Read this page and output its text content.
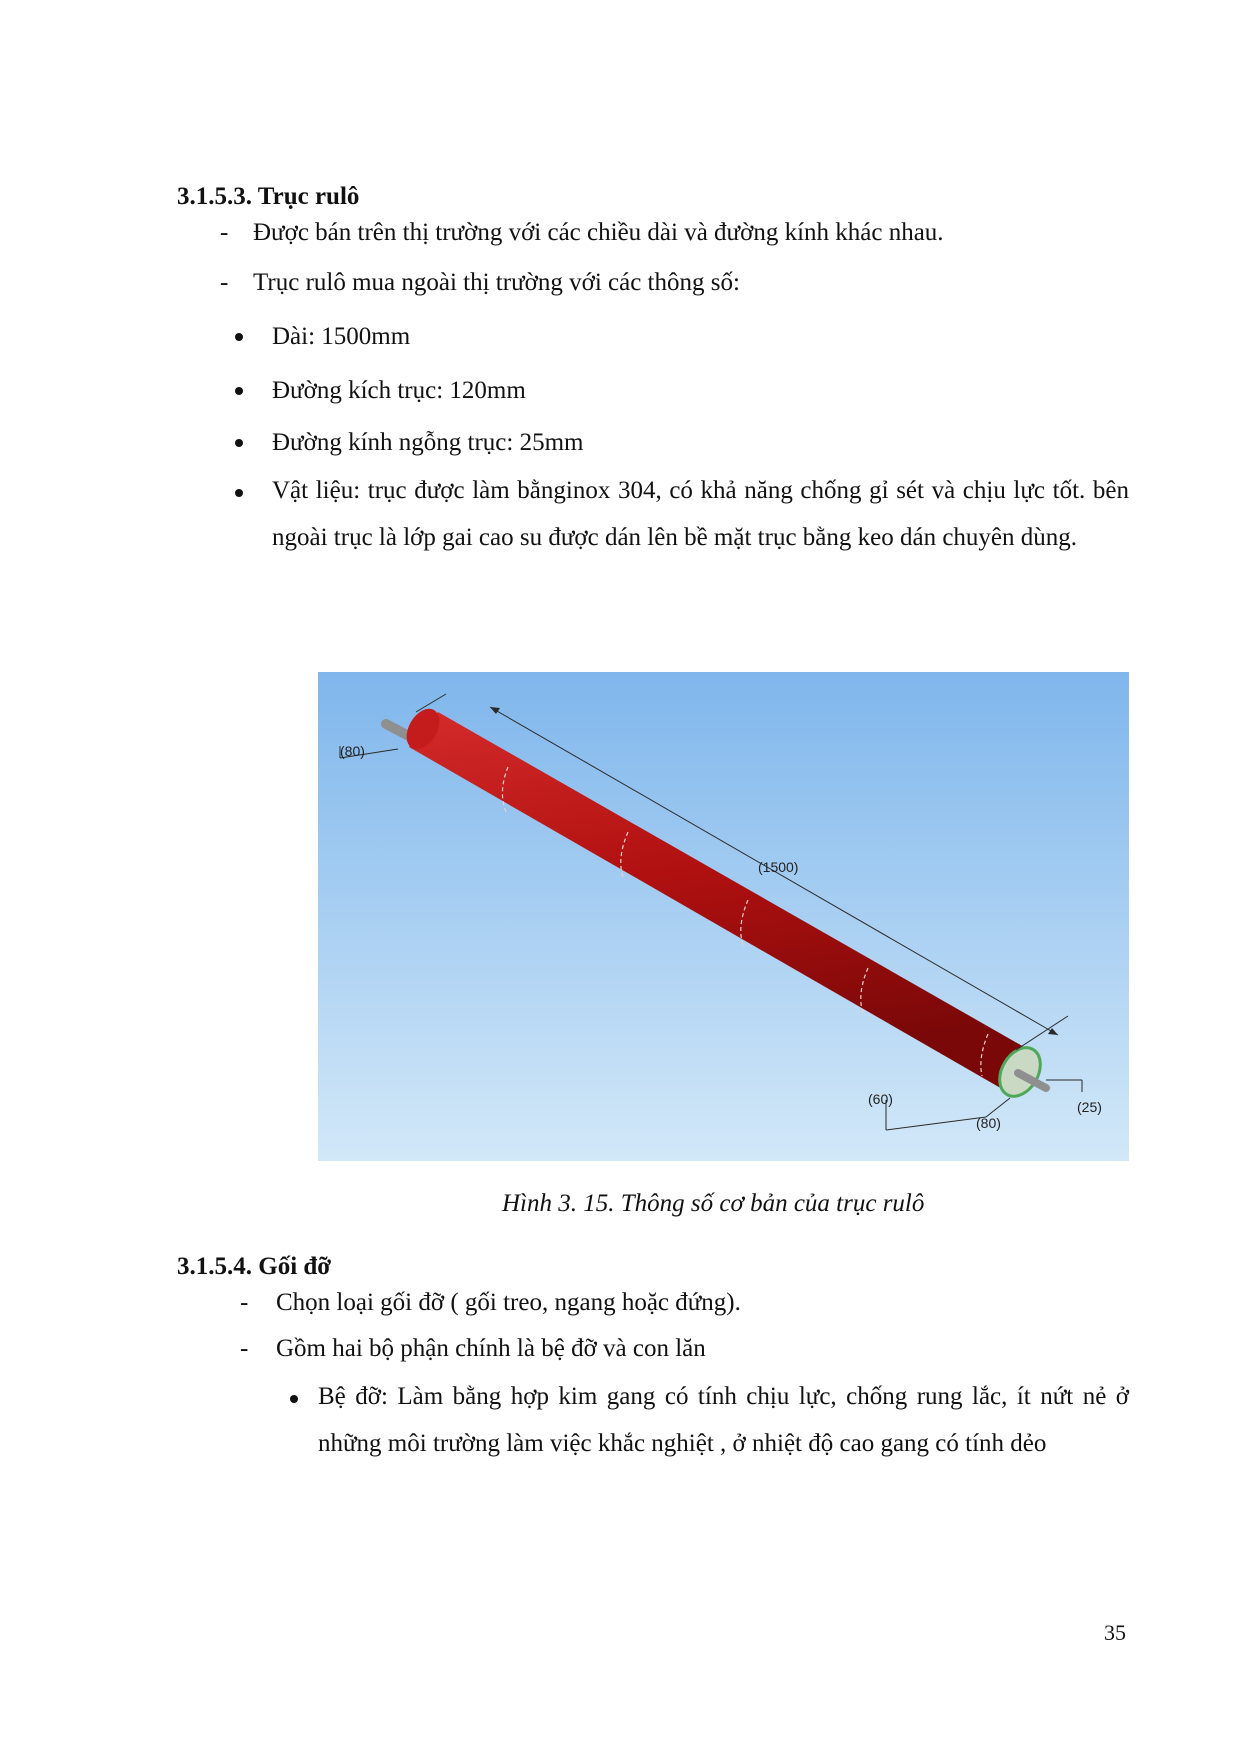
3.1.5.3. Trục rulô
- Được bán trên thị trường với các chiều dài và đường kính khác nhau.
- Trục rulô mua ngoài thị trường với các thông số:
Dài: 1500mm
Đường kích trục: 120mm
Đường kính ngỗng trục: 25mm
Vật liệu: trục được làm bằnginox 304, có khả năng chống gỉ sét và chịu lực tốt. bên ngoài trục là lớp gai cao su được dán lên bề mặt trục bằng keo dán chuyên dùng.
(1500)
(80)
(60)
(80)
(25)
Hình 3. 15. Thông số cơ bản của trục rulô
3.1.5.4. Gối đỡ
- Chọn loại gối đỡ ( gối treo, ngang hoặc đứng).
- Gồm hai bộ phận chính là bệ đỡ và con lăn
Bệ đỡ: Làm bằng hợp kim gang có tính chịu lực, chống rung lắc, ít nứt nẻ ở những môi trường làm việc khắc nghiệt , ở nhiệt độ cao gang có tính dẻo
35
